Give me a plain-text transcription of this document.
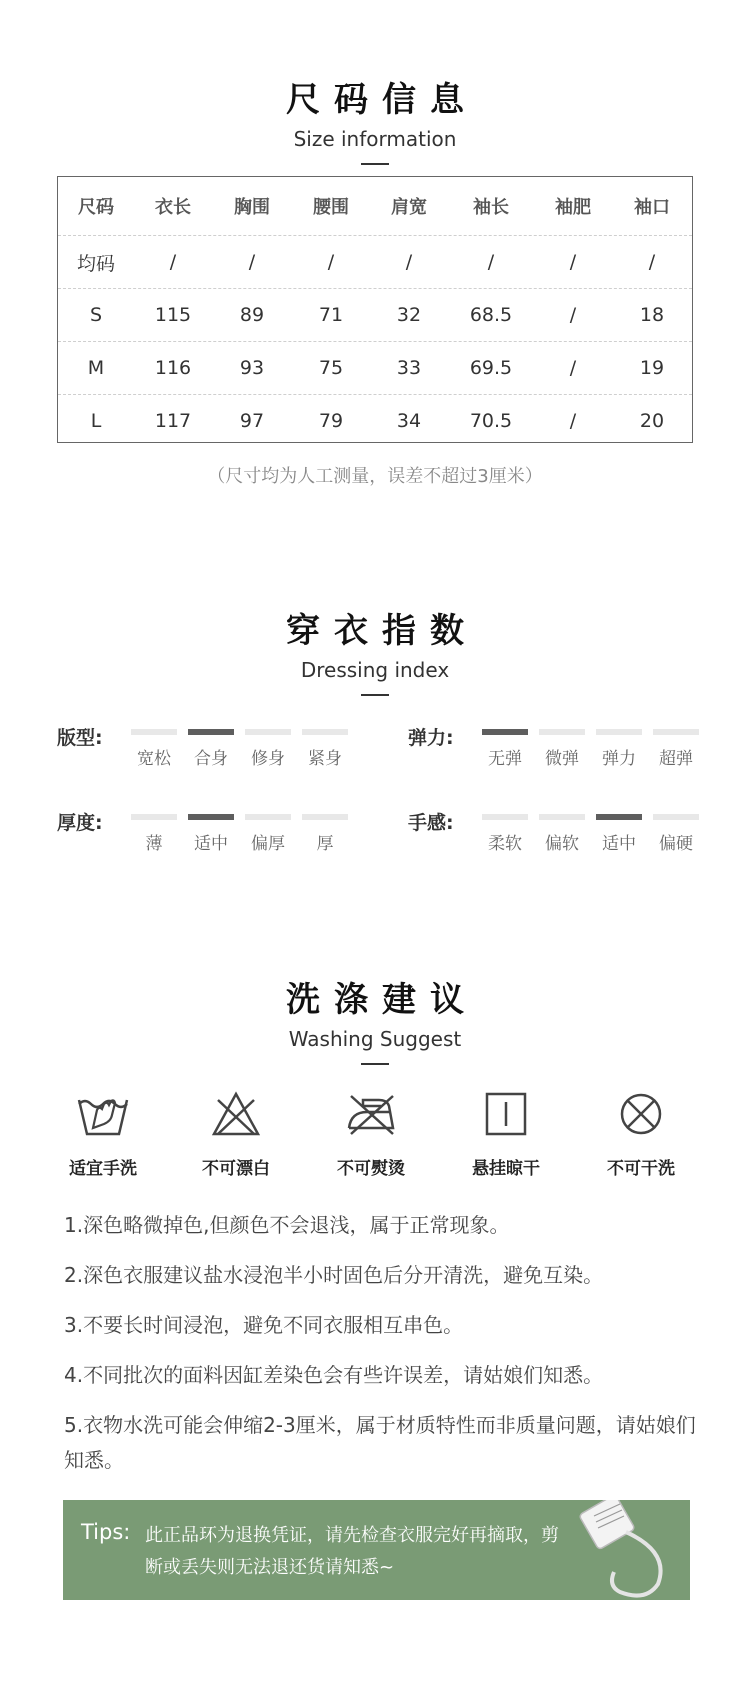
尺码信息
Size information
尺码	衣长	胸围	腰围	肩宽	袖长	袖肥	袖口
均码	/	/	/	/	/	/	/
S	115	89	71	32	68.5	/	18
M	116	93	75	33	69.5	/	19
L	117	97	79	34	70.5	/	20
（尺寸均为人工测量，误差不超过3厘米）
穿衣指数
Dressing index
版型:
宽松	合身	修身	紧身
弹力:
无弹	微弹	弹力	超弹
厚度:
薄	适中	偏厚	厚
手感:
柔软	偏软	适中	偏硬
洗涤建议
Washing Suggest
适宜手洗	不可漂白	不可熨烫	悬挂晾干	不可干洗
1.深色略微掉色,但颜色不会退浅，属于正常现象。
2.深色衣服建议盐水浸泡半小时固色后分开清洗，避免互染。
3.不要长时间浸泡，避免不同衣服相互串色。
4.不同批次的面料因缸差染色会有些许误差，请姑娘们知悉。
5.衣物水洗可能会伸缩2-3厘米，属于材质特性而非质量问题，请姑娘们知悉。
Tips: 此正品环为退换凭证，请先检查衣服完好再摘取，剪断或丢失则无法退还货请知悉~
